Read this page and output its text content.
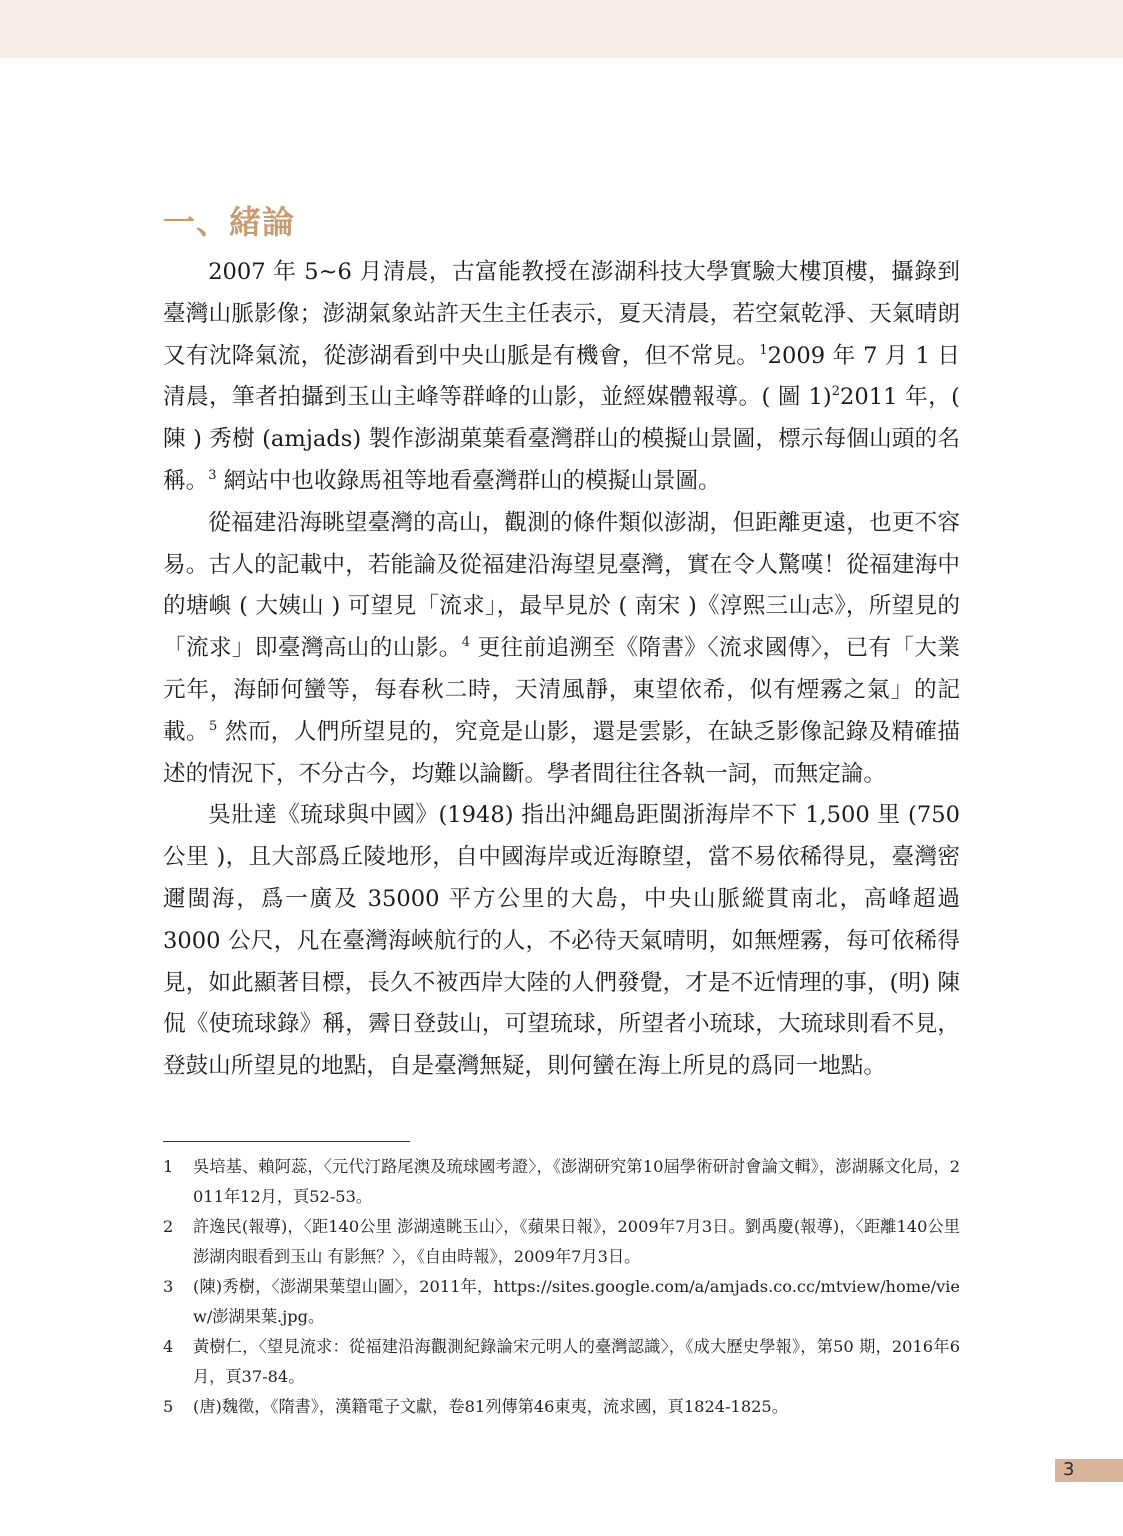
一、緒論

2007 年 5~6 月清晨，古富能教授在澎湖科技大學實驗大樓頂樓，攝錄到臺灣山脈影像；澎湖氣象站許天生主任表示，夏天清晨，若空氣乾淨、天氣晴朗又有沈降氣流，從澎湖看到中央山脈是有機會，但不常見。$^1$2009 年 7 月 1 日清晨，筆者拍攝到玉山主峰等群峰的山影，並經媒體報導。( 圖 1)$^2$2011 年，( 陳 ) 秀樹 (amjads) 製作澎湖菓葉看臺灣群山的模擬山景圖，標示每個山頭的名稱。$^3$ 網站中也收錄馬祖等地看臺灣群山的模擬山景圖。

從福建沿海眺望臺灣的高山，觀測的條件類似澎湖，但距離更遠，也更不容易。古人的記載中，若能論及從福建沿海望見臺灣，實在令人驚嘆！從福建海中的塘嶼 ( 大姨山 ) 可望見「流求」，最早見於 ( 南宋 )《淳熙三山志》，所望見的「流求」即臺灣高山的山影。$^4$ 更往前追溯至《隋書》〈流求國傳〉，已有「大業元年，海師何蠻等，每春秋二時，天清風靜，東望依希，似有煙霧之氣」的記載。$^5$ 然而，人們所望見的，究竟是山影，還是雲影，在缺乏影像記錄及精確描述的情況下，不分古今，均難以論斷。學者間往往各執一詞，而無定論。

吳壯達《琉球與中國》(1948) 指出沖繩島距閩浙海岸不下 1,500 里 (750 公里 )，且大部爲丘陵地形，自中國海岸或近海瞭望，當不易依稀得見，臺灣密邇閩海，爲一廣及 35000 平方公里的大島，中央山脈縱貫南北，高峰超過 3000 公尺，凡在臺灣海峽航行的人，不必待天氣晴明，如無煙霧，每可依稀得見，如此顯著目標，長久不被西岸大陸的人們發覺，才是不近情理的事，(明) 陳侃《使琉球錄》稱，霽日登鼓山，可望琉球，所望者小琉球，大琉球則看不見，登鼓山所望見的地點，自是臺灣無疑，則何蠻在海上所見的爲同一地點。

1	吳培基、賴阿蕊，〈元代汀路尾澳及琉球國考證〉，《澎湖研究第10屆學術研討會論文輯》，澎湖縣文化局，2011年12月，頁52-53。
2	許逸民(報導)，〈距140公里 澎湖遠眺玉山〉，《蘋果日報》，2009年7月3日。劉禹慶(報導)，〈距離140公里 澎湖肉眼看到玉山 有影無？〉，《自由時報》，2009年7月3日。
3	(陳)秀樹，〈澎湖果葉望山圖〉，2011年，https://sites.google.com/a/amjads.co.cc/mtview/home/view/澎湖果葉.jpg。
4	黃樹仁，〈望見流求：從福建沿海觀測紀錄論宋元明人的臺灣認識〉，《成大歷史學報》，第50 期，2016年6月，頁37-84。
5	(唐)魏徵，《隋書》，漢籍電子文獻，卷81列傳第46東夷，流求國，頁1824-1825。
3
